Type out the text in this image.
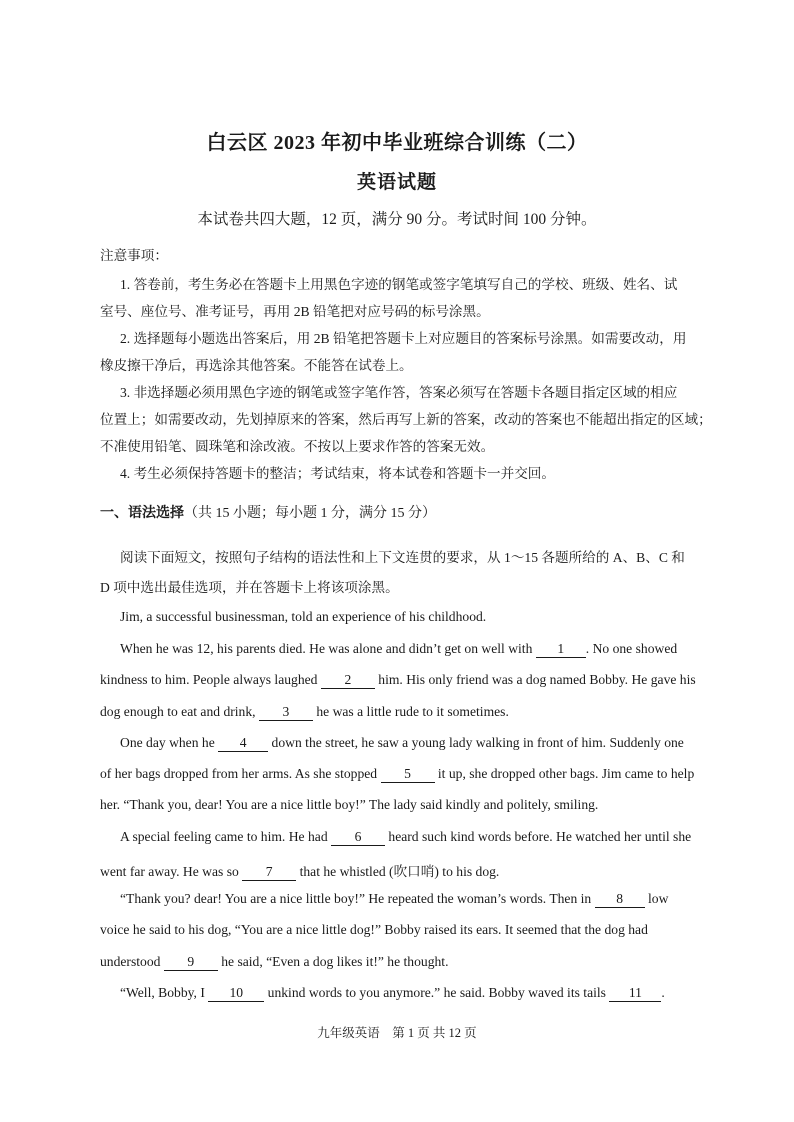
白云区 2023 年初中毕业班综合训练（二）
英语试题
本试卷共四大题，12 页，满分 90 分。考试时间 100 分钟。
注意事项：
1. 答卷前，考生务必在答题卡上用黑色字迹的钢笔或签字笔填写自己的学校、班级、姓名、试
室号、座位号、准考证号，再用 2B 铅笔把对应号码的标号涂黑。
2. 选择题每小题选出答案后，用 2B 铅笔把答题卡上对应题目的答案标号涂黑。如需要改动，用
橡皮擦干净后，再选涂其他答案。不能答在试卷上。
3. 非选择题必须用黑色字迹的钢笔或签字笔作答，答案必须写在答题卡各题目指定区域的相应
位置上；如需要改动，先划掉原来的答案，然后再写上新的答案，改动的答案也不能超出指定的区域；
不准使用铅笔、圆珠笔和涂改液。不按以上要求作答的答案无效。
4. 考生必须保持答题卡的整洁；考试结束，将本试卷和答题卡一并交回。
一、语法选择（共 15 小题；每小题 1 分，满分 15 分）
阅读下面短文，按照句子结构的语法性和上下文连贯的要求，从 1～15 各题所给的 A、B、C 和
D 项中选出最佳选项，并在答题卡上将该项涂黑。
Jim, a successful businessman, told an experience of his childhood.
When he was 12, his parents died. He was alone and didn’t get on well with 1 . No one showed
kindness to him. People always laughed 2 him. His only friend was a dog named Bobby. He gave his
dog enough to eat and drink, 3 he was a little rude to it sometimes.
One day when he 4 down the street, he saw a young lady walking in front of him. Suddenly one
of her bags dropped from her arms. As she stopped 5 it up, she dropped other bags. Jim came to help
her. “Thank you, dear! You are a nice little boy!” The lady said kindly and politely, smiling.
A special feeling came to him. He had 6 heard such kind words before. He watched her until she
went far away. He was so 7 that he whistled (吹口哨) to his dog.
“Thank you? dear! You are a nice little boy!” He repeated the woman’s words. Then in 8 low
voice he said to his dog, “You are a nice little dog!” Bobby raised its ears. It seemed that the dog had
understood 9 he said, “Even a dog likes it!” he thought.
“Well, Bobby, I 10 unkind words to you anymore.” he said. Bobby waved its tails 11 .
九年级英语　第 1 页 共 12 页
